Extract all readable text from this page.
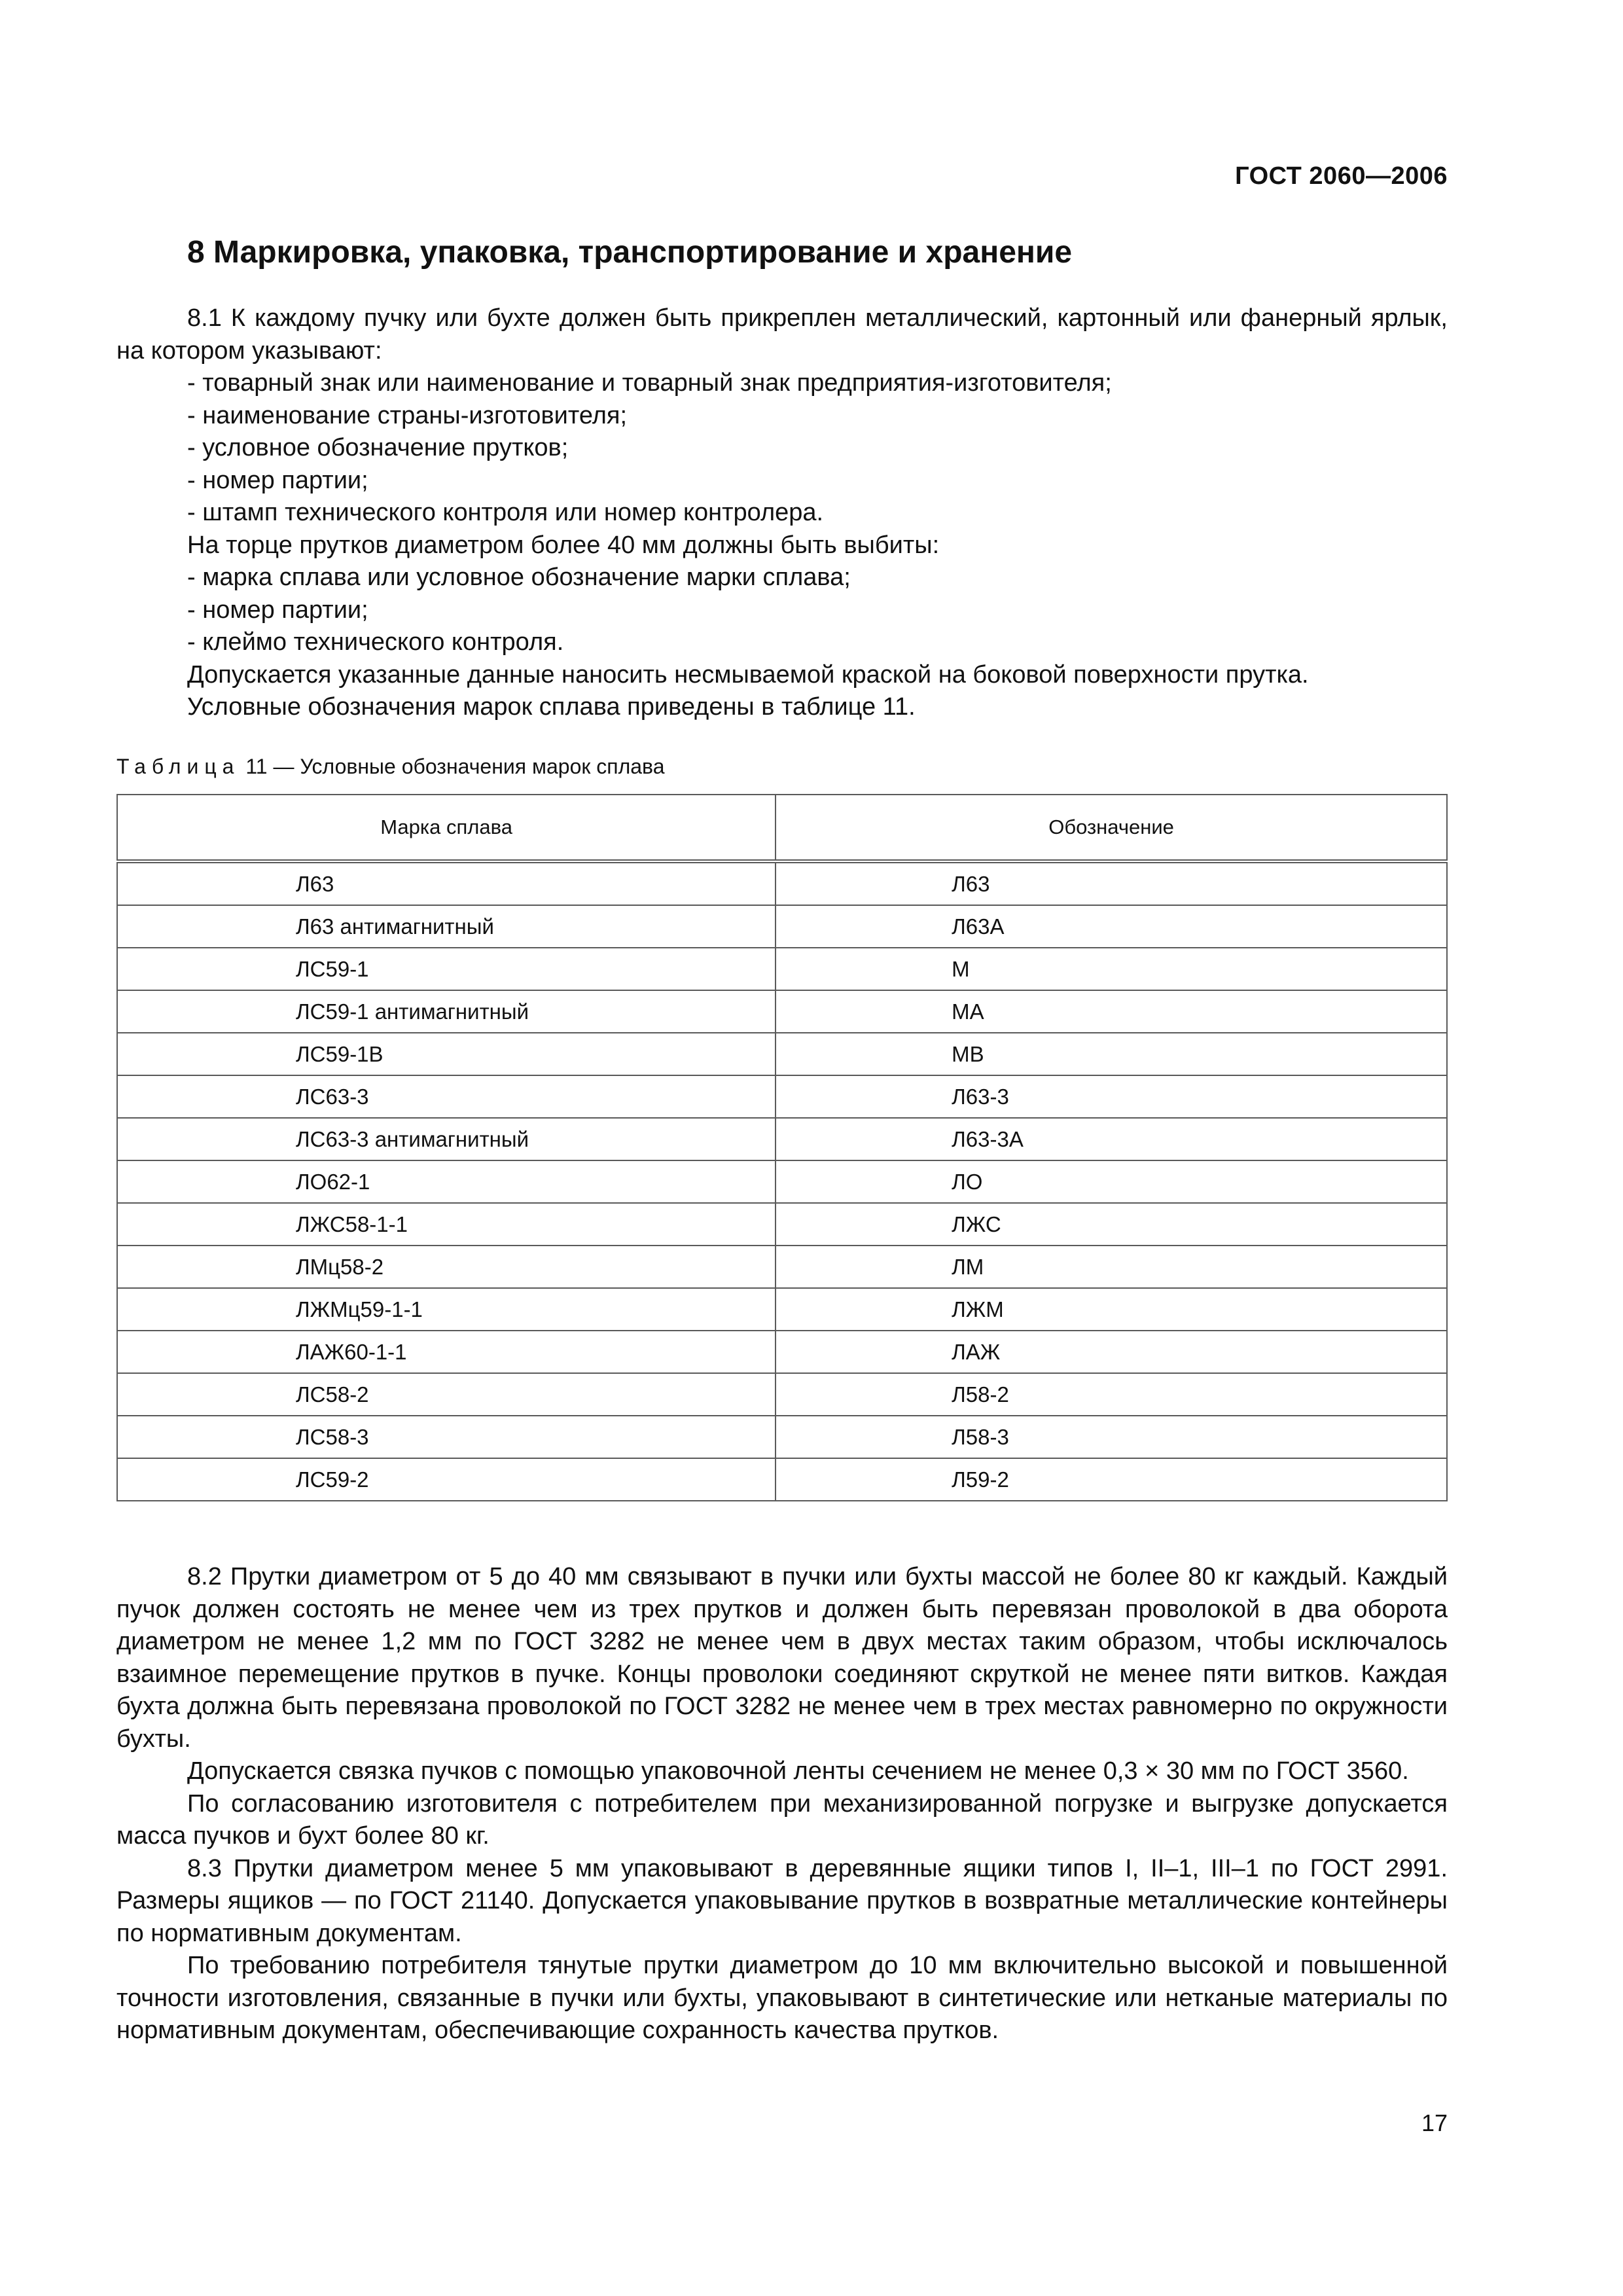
ГОСТ 2060—2006
8 Маркировка, упаковка, транспортирование и хранение

8.1 К каждому пучку или бухте должен быть прикреплен металлический, картонный или фанерный ярлык, на котором указывают:

- товарный знак или наименование и товарный знак предприятия-изготовителя;

- наименование страны-изготовителя;

- условное обозначение прутков;

- номер партии;

- штамп технического контроля или номер контролера.

На торце прутков диаметром более 40 мм должны быть выбиты:

- марка сплава или условное обозначение марки сплава;

- номер партии;

- клеймо технического контроля.

Допускается указанные данные наносить несмываемой краской на боковой поверхности прутка.

Условные обозначения марок сплава приведены в таблице 11.

Таблица 11 — Условные обозначения марок сплава
Марка сплава	Обозначение
Л63	Л63
Л63 антимагнитный	Л63А
ЛС59-1	М
ЛС59-1 антимагнитный	МА
ЛС59-1В	МВ
ЛС63-3	Л63-3
ЛС63-3 антимагнитный	Л63-3А
ЛО62-1	ЛО
ЛЖС58-1-1	ЛЖС
ЛМц58-2	ЛМ
ЛЖМц59-1-1	ЛЖМ
ЛАЖ60-1-1	ЛАЖ
ЛС58-2	Л58-2
ЛС58-3	Л58-3
ЛС59-2	Л59-2

8.2 Прутки диаметром от 5 до 40 мм связывают в пучки или бухты массой не более 80 кг каждый. Каждый пучок должен состоять не менее чем из трех прутков и должен быть перевязан проволокой в два оборота диаметром не менее 1,2 мм по ГОСТ 3282 не менее чем в двух местах таким образом, чтобы исключалось взаимное перемещение прутков в пучке. Концы проволоки соединяют скруткой не менее пяти витков. Каждая бухта должна быть перевязана проволокой по ГОСТ 3282 не менее чем в трех местах равномерно по окружности бухты.

Допускается связка пучков с помощью упаковочной ленты сечением не менее 0,3 × 30 мм по ГОСТ 3560.

По согласованию изготовителя с потребителем при механизированной погрузке и выгрузке допускается масса пучков и бухт более 80 кг.

8.3 Прутки диаметром менее 5 мм упаковывают в деревянные ящики типов I, II–1, III–1 по ГОСТ 2991. Размеры ящиков — по ГОСТ 21140. Допускается упаковывание прутков в возвратные металлические контейнеры по нормативным документам.

По требованию потребителя тянутые прутки диаметром до 10 мм включительно высокой и повышенной точности изготовления, связанные в пучки или бухты, упаковывают в синтетические или нетканые материалы по нормативным документам, обеспечивающие сохранность качества прутков.

17
